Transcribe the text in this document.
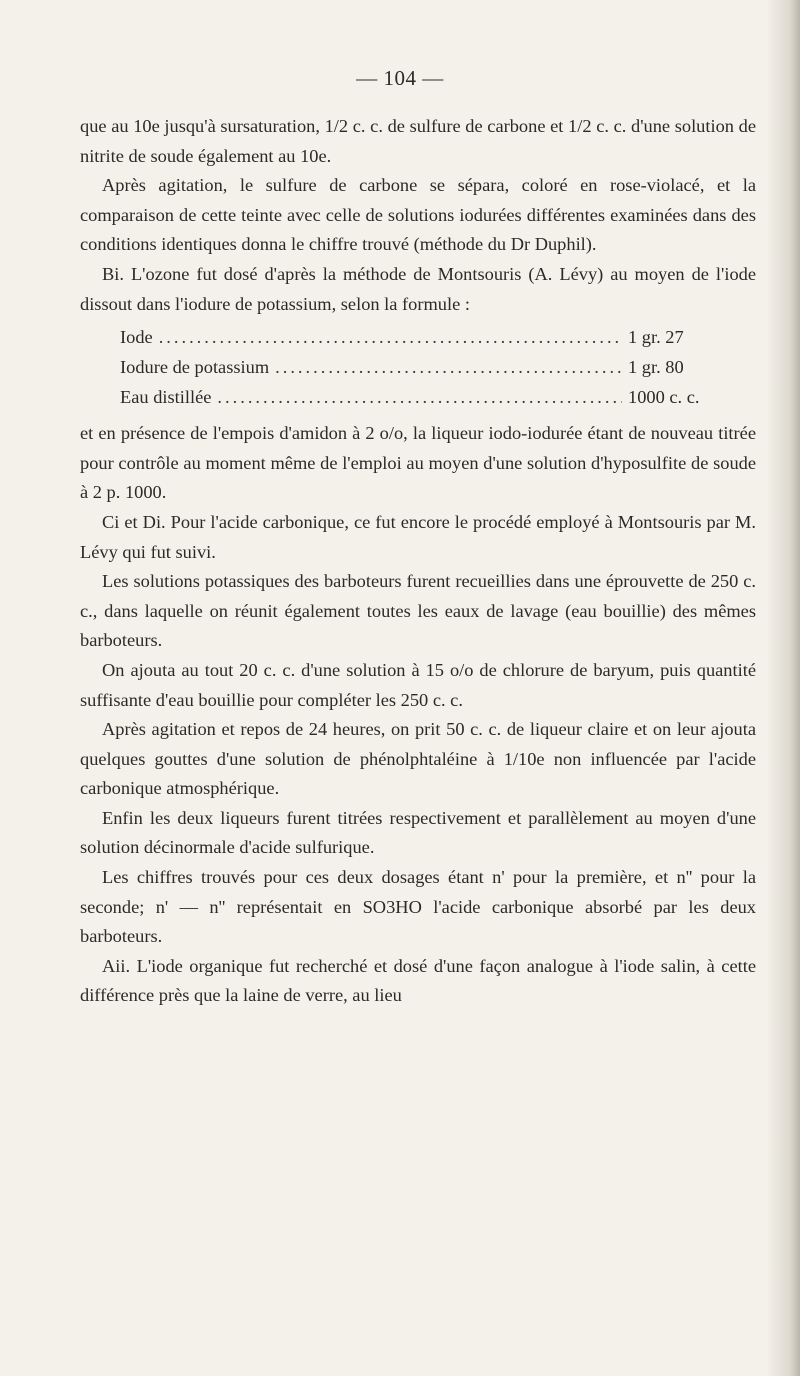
— 104 —

que au 10e jusqu'à sursaturation, 1/2 c. c. de sulfure de carbone et 1/2 c. c. d'une solution de nitrite de soude également au 10e.

Après agitation, le sulfure de carbone se sépara, coloré en rose-violacé, et la comparaison de cette teinte avec celle de solutions iodurées différentes examinées dans des conditions identiques donna le chiffre trouvé (méthode du Dr Duphil).

Bi. L'ozone fut dosé d'après la méthode de Montsouris (A. Lévy) au moyen de l'iode dissout dans l'iodure de potassium, selon la formule :

Iode .....	1 gr. 27
Iodure de potassium .....	1 gr. 80
Eau distillée .....	1000 c. c.

et en présence de l'empois d'amidon à 2 o/o, la liqueur iodo-iodurée étant de nouveau titrée pour contrôle au moment même de l'emploi au moyen d'une solution d'hyposulfite de soude à 2 p. 1000.

Ci et Di. Pour l'acide carbonique, ce fut encore le procédé employé à Montsouris par M. Lévy qui fut suivi.

Les solutions potassiques des barboteurs furent recueillies dans une éprouvette de 250 c. c., dans laquelle on réunit également toutes les eaux de lavage (eau bouillie) des mêmes barboteurs.

On ajouta au tout 20 c. c. d'une solution à 15 o/o de chlorure de baryum, puis quantité suffisante d'eau bouillie pour compléter les 250 c. c.

Après agitation et repos de 24 heures, on prit 50 c. c. de liqueur claire et on leur ajouta quelques gouttes d'une solution de phénolphtaléine à 1/10e non influencée par l'acide carbonique atmosphérique.

Enfin les deux liqueurs furent titrées respectivement et parallèlement au moyen d'une solution décinormale d'acide sulfurique.

Les chiffres trouvés pour ces deux dosages étant n' pour la première, et n'' pour la seconde; n' — n'' représentait en SO3HO l'acide carbonique absorbé par les deux barboteurs.

Aii. L'iode organique fut recherché et dosé d'une façon analogue à l'iode salin, à cette différence près que la laine de verre, au lieu
